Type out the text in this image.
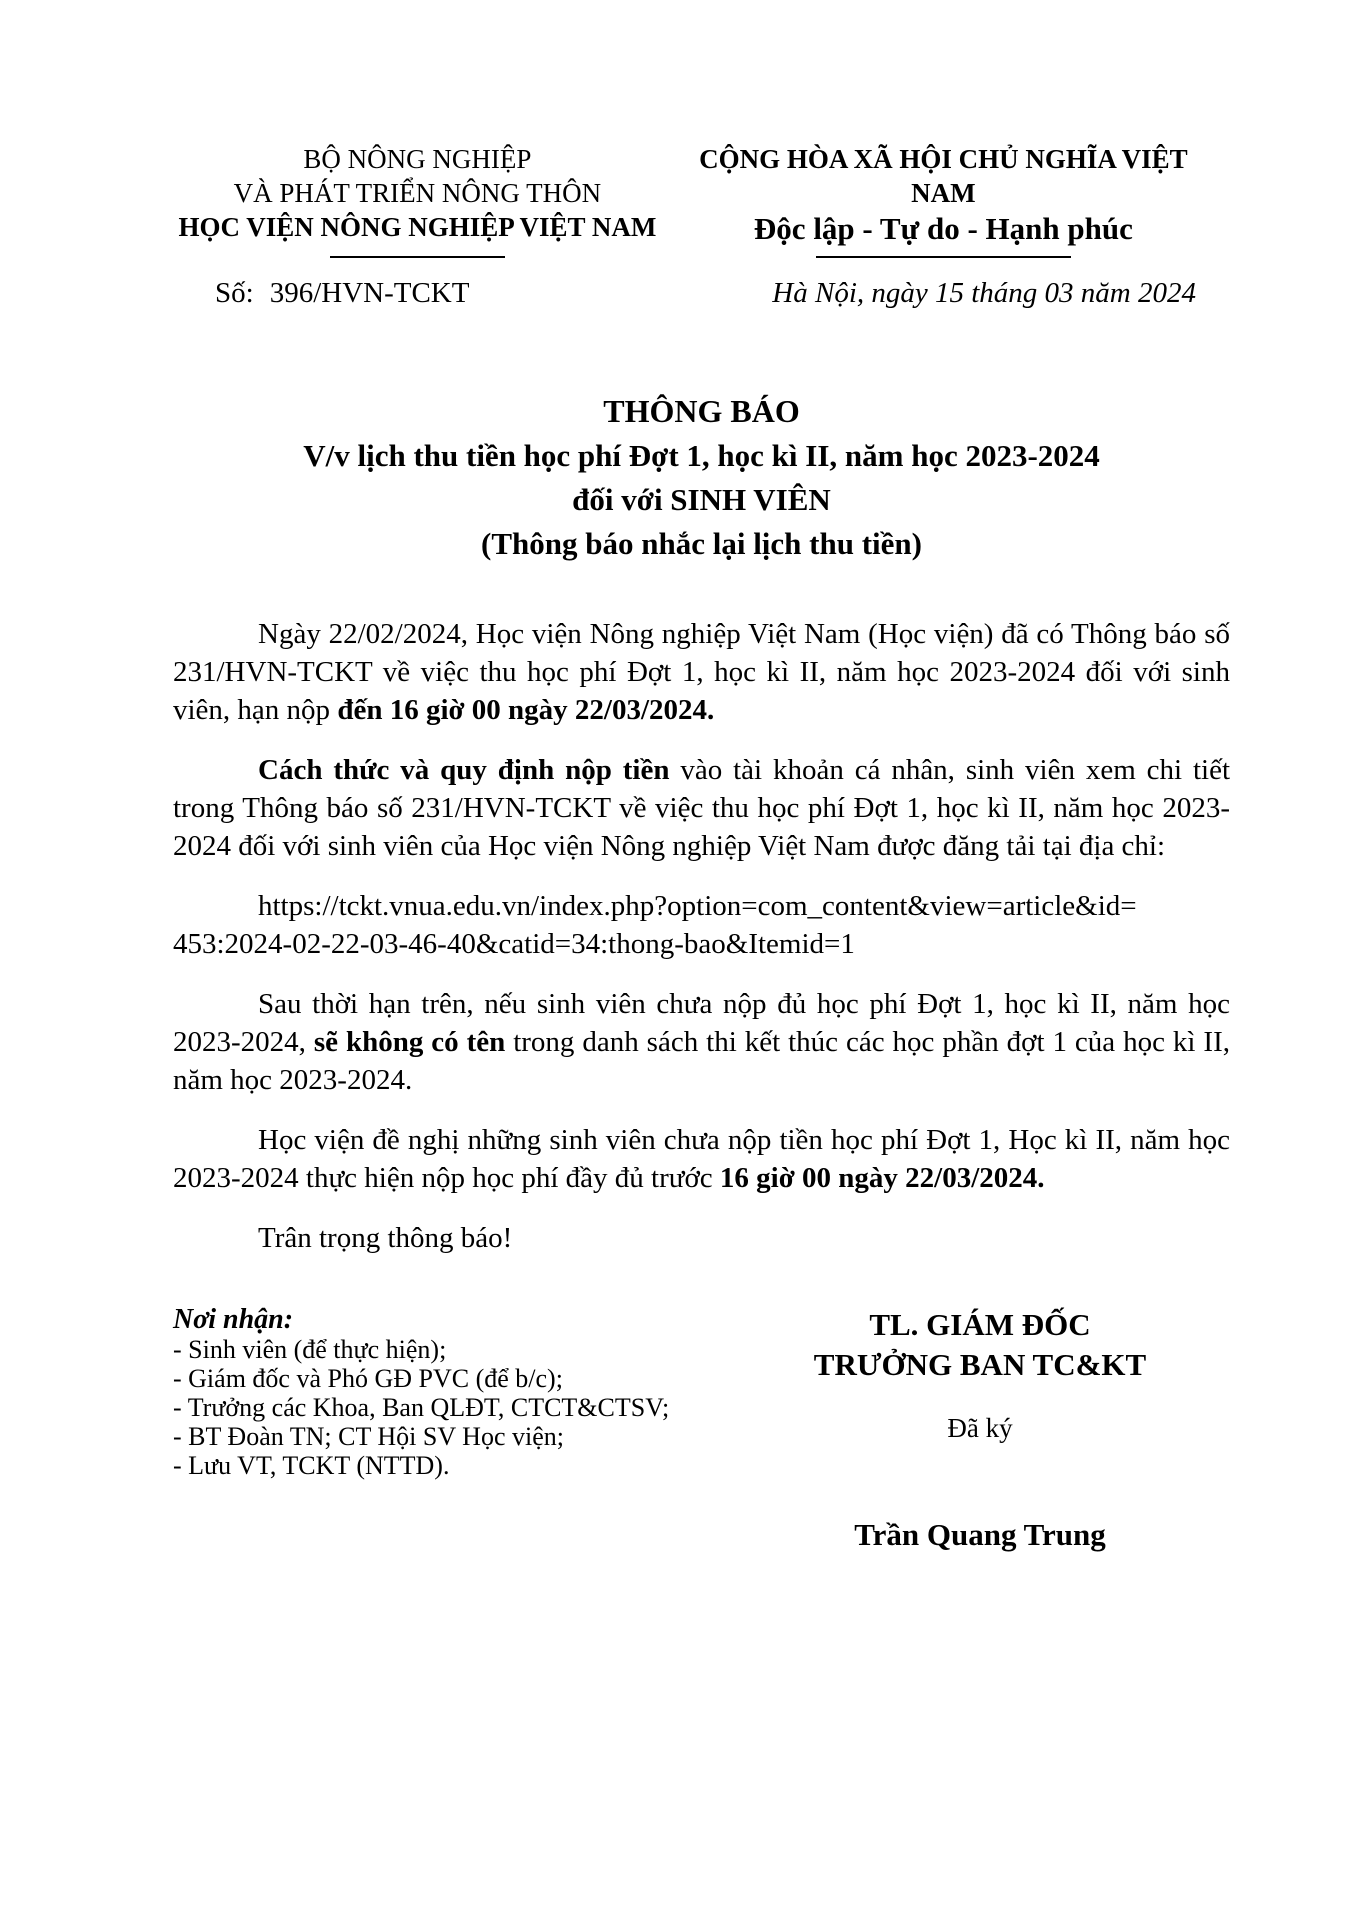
BỘ NÔNG NGHIỆP
VÀ PHÁT TRIỂN NÔNG THÔN
HỌC VIỆN NÔNG NGHIỆP VIỆT NAM
CỘNG HÒA XÃ HỘI CHỦ NGHĨA VIỆT NAM
Độc lập - Tự do - Hạnh phúc
Số: 396/HVN-TCKT	Hà Nội, ngày 15 tháng 03 năm 2024
THÔNG BÁO
V/v lịch thu tiền học phí Đợt 1, học kì II, năm học 2023-2024
đối với SINH VIÊN
(Thông báo nhắc lại lịch thu tiền)

Ngày 22/02/2024, Học viện Nông nghiệp Việt Nam (Học viện) đã có Thông báo số 231/HVN-TCKT về việc thu học phí Đợt 1, học kì II, năm học 2023-2024 đối với sinh viên, hạn nộp đến 16 giờ 00 ngày 22/03/2024.

Cách thức và quy định nộp tiền vào tài khoản cá nhân, sinh viên xem chi tiết trong Thông báo số 231/HVN-TCKT về việc thu học phí Đợt 1, học kì II, năm học 2023-2024 đối với sinh viên của Học viện Nông nghiệp Việt Nam được đăng tải tại địa chỉ:

https://tckt.vnua.edu.vn/index.php?option=com_content&view=article&id=
453:2024-02-22-03-46-40&catid=34:thong-bao&Itemid=1

Sau thời hạn trên, nếu sinh viên chưa nộp đủ học phí Đợt 1, học kì II, năm học 2023-2024, sẽ không có tên trong danh sách thi kết thúc các học phần đợt 1 của học kì II, năm học 2023-2024.

Học viện đề nghị những sinh viên chưa nộp tiền học phí Đợt 1, Học kì II, năm học 2023-2024 thực hiện nộp học phí đầy đủ trước 16 giờ 00 ngày 22/03/2024.

Trân trọng thông báo!

Nơi nhận:
- Sinh viên (để thực hiện);
- Giám đốc và Phó GĐ PVC (để b/c);
- Trưởng các Khoa, Ban QLĐT, CTCT&CTSV;
- BT Đoàn TN; CT Hội SV Học viện;
- Lưu VT, TCKT (NTTD).
TL. GIÁM ĐỐC
TRƯỞNG BAN TC&KT
Đã ký
Trần Quang Trung
